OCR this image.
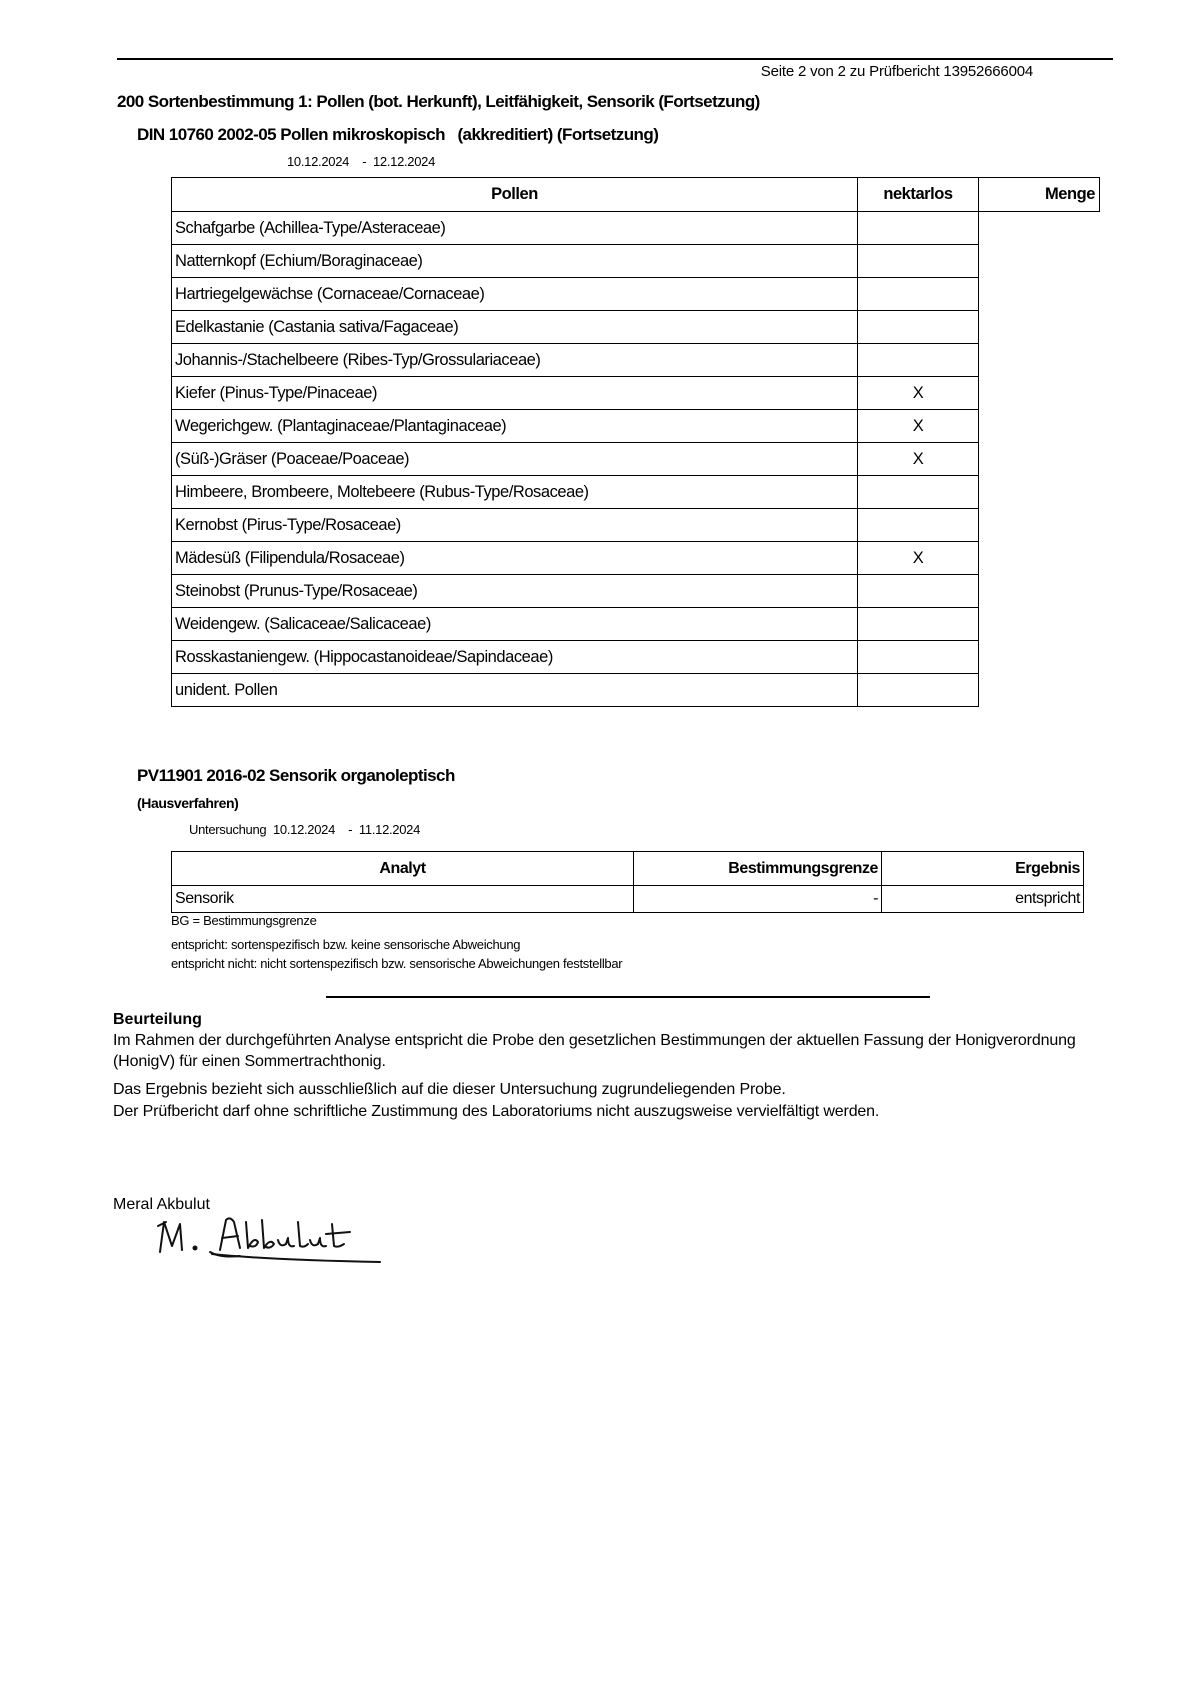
Seite 2 von 2 zu Prüfbericht 13952666004
200 Sortenbestimmung 1: Pollen (bot. Herkunft), Leitfähigkeit, Sensorik (Fortsetzung)
DIN 10760 2002-05 Pollen mikroskopisch   (akkreditiert) (Fortsetzung)
10.12.2024    -  12.12.2024
Pollen	nektarlos	Menge
Schafgarbe (Achillea-Type/Asteraceae)		
Natternkopf (Echium/Boraginaceae)		
Hartriegelgewächse (Cornaceae/Cornaceae)		
Edelkastanie (Castania sativa/Fagaceae)		
Johannis-/Stachelbeere (Ribes-Typ/Grossulariaceae)		
Kiefer (Pinus-Type/Pinaceae)	X	
Wegerichgew. (Plantaginaceae/Plantaginaceae)	X	
(Süß-)Gräser (Poaceae/Poaceae)	X	
Himbeere, Brombeere, Moltebeere (Rubus-Type/Rosaceae)		
Kernobst (Pirus-Type/Rosaceae)		
Mädesüß (Filipendula/Rosaceae)	X	
Steinobst (Prunus-Type/Rosaceae)		
Weidengew. (Salicaceae/Salicaceae)		
Rosskastaniengew. (Hippocastanoideae/Sapindaceae)		
unident. Pollen		
PV11901 2016-02 Sensorik organoleptisch
(Hausverfahren)
Untersuchung  10.12.2024    -  11.12.2024
Analyt	Bestimmungsgrenze	Ergebnis
Sensorik	-	entspricht
BG = Bestimmungsgrenze
entspricht: sortenspezifisch bzw. keine sensorische Abweichung
entspricht nicht: nicht sortenspezifisch bzw. sensorische Abweichungen feststellbar
Beurteilung
Im Rahmen der durchgeführten Analyse entspricht die Probe den gesetzlichen Bestimmungen der aktuellen Fassung der Honigverordnung (HonigV) für einen Sommertrachthonig.
Das Ergebnis bezieht sich ausschließlich auf die dieser Untersuchung zugrundeliegenden Probe.
Der Prüfbericht darf ohne schriftliche Zustimmung des Laboratoriums nicht auszugsweise vervielfältigt werden.
Meral Akbulut
